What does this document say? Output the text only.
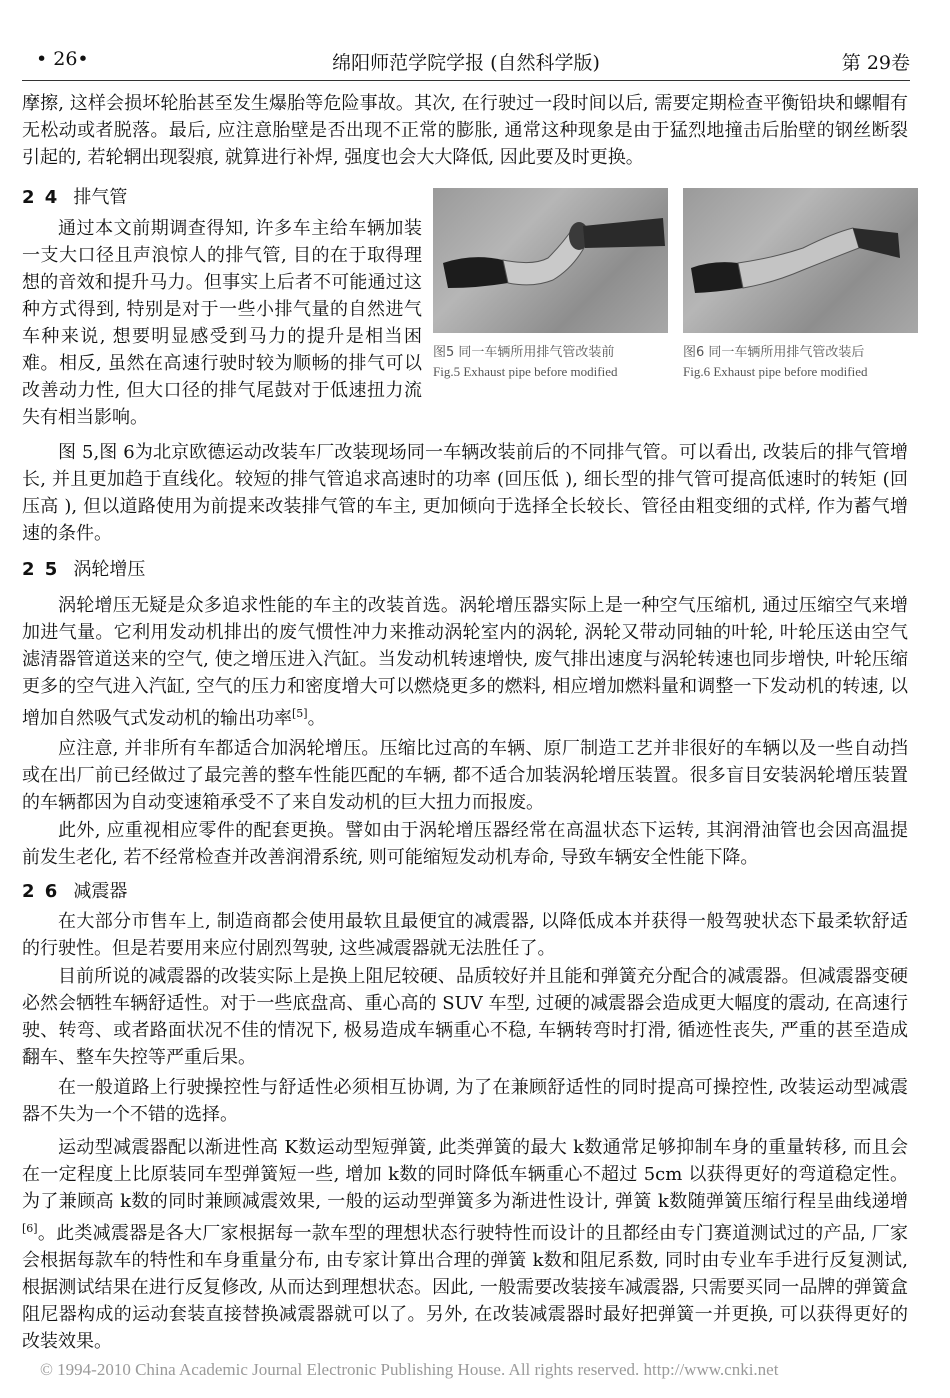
• 26•	绵阳师范学院学报 (自然科学版)	第 29卷
摩擦, 这样会损坏轮胎甚至发生爆胎等危险事故。其次, 在行驶过一段时间以后, 需要定期检查平衡铅块和螺帽有无松动或者脱落。最后, 应注意胎壁是否出现不正常的膨胀, 通常这种现象是由于猛烈地撞击后胎壁的钢丝断裂引起的, 若轮辋出现裂痕, 就算进行补焊, 强度也会大大降低, 因此要及时更换。
2 4 排气管
通过本文前期调查得知, 许多车主给车辆加装一支大口径且声浪惊人的排气管, 目的在于取得理想的音效和提升马力。但事实上后者不可能通过这种方式得到, 特别是对于一些小排气量的自然进气车种来说, 想要明显感受到马力的提升是相当困难。相反, 虽然在高速行驶时较为顺畅的排气可以改善动力性, 但大口径的排气尾鼓对于低速扭力流失有相当影响。
图5 同一车辆所用排气管改装前
Fig.5 Exhaust pipe before modified
图6 同一车辆所用排气管改装后
Fig.6 Exhaust pipe before modified
图 5,图 6为北京欧德运动改装车厂改装现场同一车辆改装前后的不同排气管。可以看出, 改装后的排气管增长, 并且更加趋于直线化。较短的排气管追求高速时的功率 (回压低 ), 细长型的排气管可提高低速时的转矩 (回压高 ), 但以道路使用为前提来改装排气管的车主, 更加倾向于选择全长较长、管径由粗变细的式样, 作为蓄气增速的条件。
2 5 涡轮增压
涡轮增压无疑是众多追求性能的车主的改装首选。涡轮增压器实际上是一种空气压缩机, 通过压缩空气来增加进气量。它利用发动机排出的废气惯性冲力来推动涡轮室内的涡轮, 涡轮又带动同轴的叶轮, 叶轮压送由空气滤清器管道送来的空气, 使之增压进入汽缸。当发动机转速增快, 废气排出速度与涡轮转速也同步增快, 叶轮压缩更多的空气进入汽缸, 空气的压力和密度增大可以燃烧更多的燃料, 相应增加燃料量和调整一下发动机的转速, 以增加自然吸气式发动机的输出功率[5]。
应注意, 并非所有车都适合加涡轮增压。压缩比过高的车辆、原厂制造工艺并非很好的车辆以及一些自动挡或在出厂前已经做过了最完善的整车性能匹配的车辆, 都不适合加装涡轮增压装置。很多盲目安装涡轮增压装置的车辆都因为自动变速箱承受不了来自发动机的巨大扭力而报废。
此外, 应重视相应零件的配套更换。譬如由于涡轮增压器经常在高温状态下运转, 其润滑油管也会因高温提前发生老化, 若不经常检查并改善润滑系统, 则可能缩短发动机寿命, 导致车辆安全性能下降。
2 6 减震器
在大部分市售车上, 制造商都会使用最软且最便宜的减震器, 以降低成本并获得一般驾驶状态下最柔软舒适的行驶性。但是若要用来应付剧烈驾驶, 这些减震器就无法胜任了。
目前所说的减震器的改装实际上是换上阻尼较硬、品质较好并且能和弹簧充分配合的减震器。但减震器变硬必然会牺牲车辆舒适性。对于一些底盘高、重心高的 SUV 车型, 过硬的减震器会造成更大幅度的震动, 在高速行驶、转弯、或者路面状况不佳的情况下, 极易造成车辆重心不稳, 车辆转弯时打滑, 循迹性丧失, 严重的甚至造成翻车、整车失控等严重后果。
在一般道路上行驶操控性与舒适性必须相互协调, 为了在兼顾舒适性的同时提高可操控性, 改装运动型减震器不失为一个不错的选择。
运动型减震器配以渐进性高 K数运动型短弹簧, 此类弹簧的最大 k数通常足够抑制车身的重量转移, 而且会在一定程度上比原装同车型弹簧短一些, 增加 k数的同时降低车辆重心不超过 5cm 以获得更好的弯道稳定性。为了兼顾高 k数的同时兼顾减震效果, 一般的运动型弹簧多为渐进性设计, 弹簧 k数随弹簧压缩行程呈曲线递增[6]。此类减震器是各大厂家根据每一款车型的理想状态行驶特性而设计的且都经由专门赛道测试过的产品, 厂家会根据每款车的特性和车身重量分布, 由专家计算出合理的弹簧 k数和阻尼系数, 同时由专业车手进行反复测试, 根据测试结果在进行反复修改, 从而达到理想状态。因此, 一般需要改装接车减震器, 只需要买同一品牌的弹簧盒阻尼器构成的运动套装直接替换减震器就可以了。另外, 在改装减震器时最好把弹簧一并更换, 可以获得更好的改装效果。
© 1994-2010 China Academic Journal Electronic Publishing House. All rights reserved. http://www.cnki.net
